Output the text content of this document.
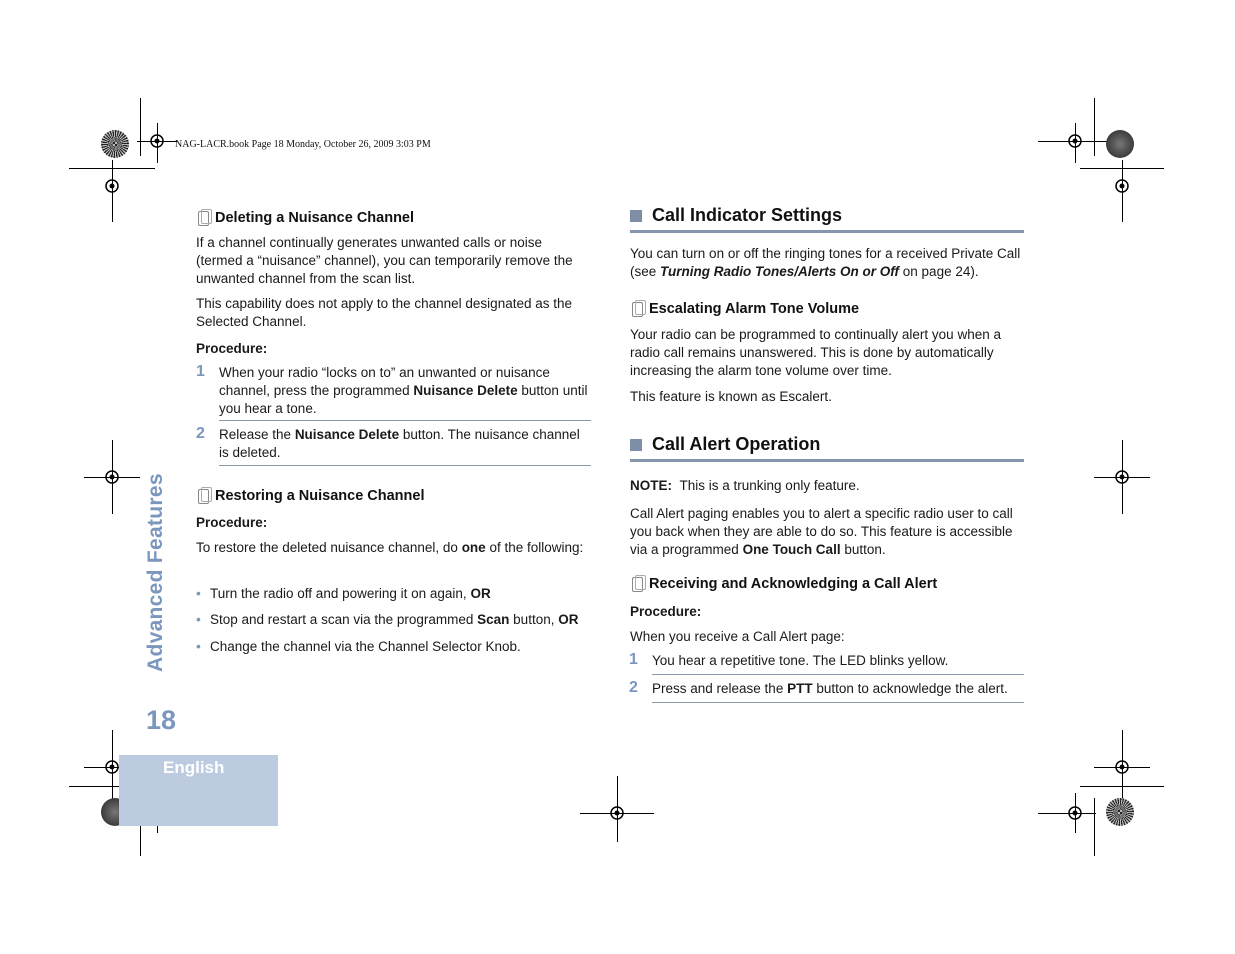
NAG-LACR.book Page 18 Monday, October 26, 2009 3:03 PM
Advanced Features
18
English
Deleting a Nuisance Channel

If a channel continually generates unwanted calls or noise (termed a “nuisance” channel), you can temporarily remove the unwanted channel from the scan list.

This capability does not apply to the channel designated as the Selected Channel.

Procedure:
1 When your radio “locks on to” an unwanted or nuisance channel, press the programmed Nuisance Delete button until you hear a tone.
2 Release the Nuisance Delete button. The nuisance channel is deleted.
Restoring a Nuisance Channel
Procedure:
To restore the deleted nuisance channel, do one of the following:
• Turn the radio off and powering it on again, OR
• Stop and restart a scan via the programmed Scan button, OR
• Change the channel via the Channel Selector Knob.
Call Indicator Settings
You can turn on or off the ringing tones for a received Private Call (see Turning Radio Tones/Alerts On or Off on page 24).
Escalating Alarm Tone Volume

Your radio can be programmed to continually alert you when a radio call remains unanswered. This is done by automatically increasing the alarm tone volume over time.

This feature is known as Escalert.

Call Alert Operation
NOTE: This is a trunking only feature.
Call Alert paging enables you to alert a specific radio user to call you back when they are able to do so. This feature is accessible via a programmed One Touch Call button.
Receiving and Acknowledging a Call Alert
Procedure:
When you receive a Call Alert page:
1 You hear a repetitive tone. The LED blinks yellow.
2 Press and release the PTT button to acknowledge the alert.
